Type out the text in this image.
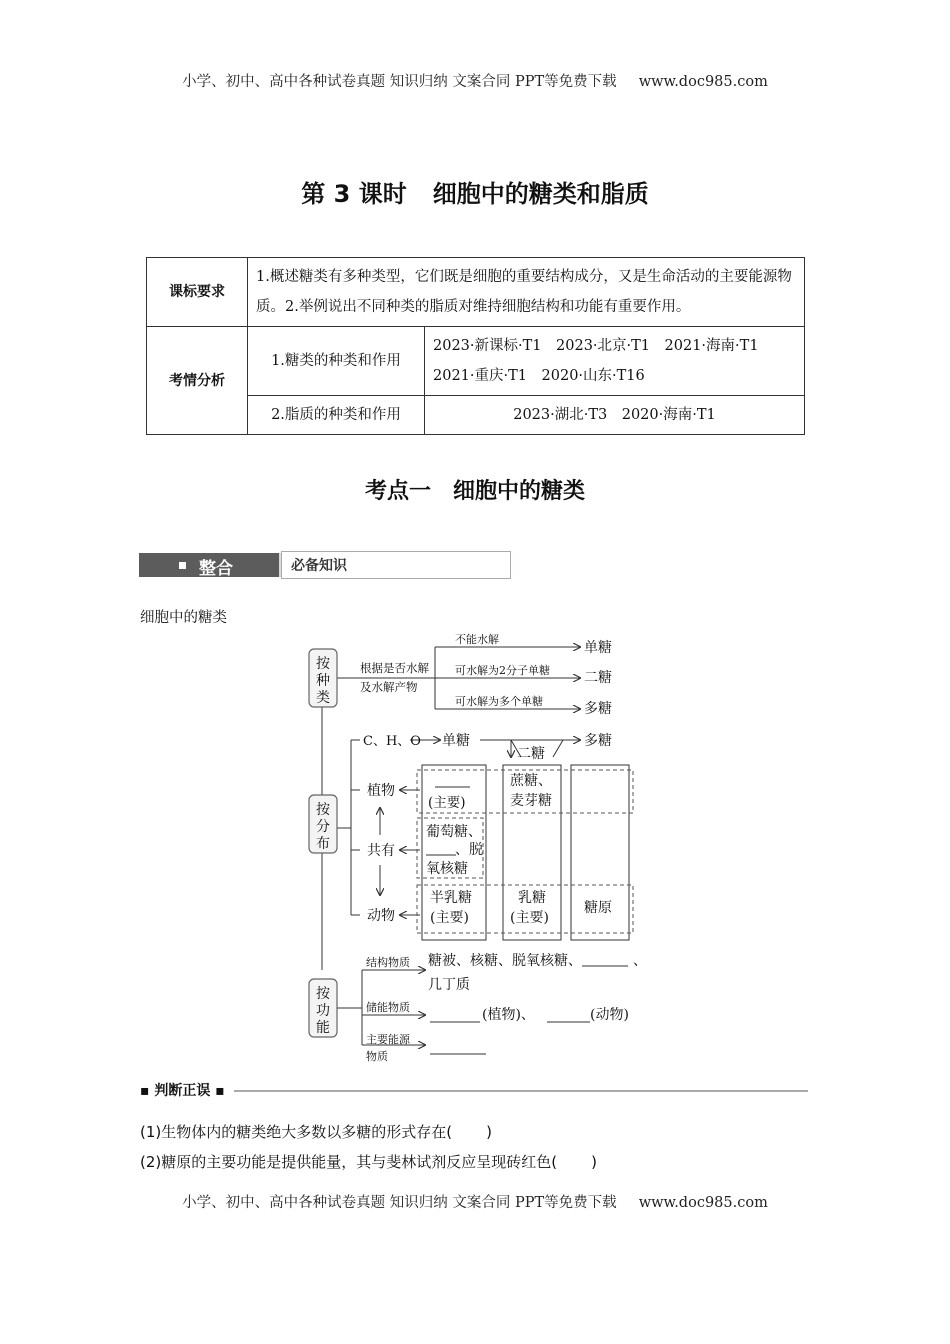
小学、初中、高中各种试卷真题 知识归纳 文案合同 PPT等免费下载 www.doc985.com
第 3 课时 细胞中的糖类和脂质
课标要求	1.概述糖类有多种类型，它们既是细胞的重要结构成分，又是生命活动的主要能源物质。2.举例说出不同种类的脂质对维持细胞结构和功能有重要作用。	
考情分析	1.糖类的种类和作用	2023·新课标·T1　2023·北京·T1　2021·海南·T1
2021·重庆·T1　2020·山东·T16

	2.脂质的种类和作用	2023·湖北·T3　2020·海南·T1
考点一 细胞中的糖类
整合	必备知识
细胞中的糖类
按
种
类
按
分
布
按
功
能
根据是否水解
及水解产物
不能水解
可水解为2分子单糖
可水解为多个单糖
单糖
二糖
多糖
C、H、O 单糖
二糖
多糖
植物
共有
动物
(主要)
蔗糖、
麦芽糖
葡萄糖、
、脱
氧核糖
半乳糖
(主要)
乳糖
(主要)
糖原
结构物质 糖被、核糖、脱氧核糖、	、
几丁质
储能物质	(植物)、	(动物)
主要能源
物质
▪ 判断正误 ▪
(1)生物体内的糖类绝大多数以多糖的形式存在( )
(2)糖原的主要功能是提供能量，其与斐林试剂反应呈现砖红色( )
小学、初中、高中各种试卷真题 知识归纳 文案合同 PPT等免费下载 www.doc985.com
